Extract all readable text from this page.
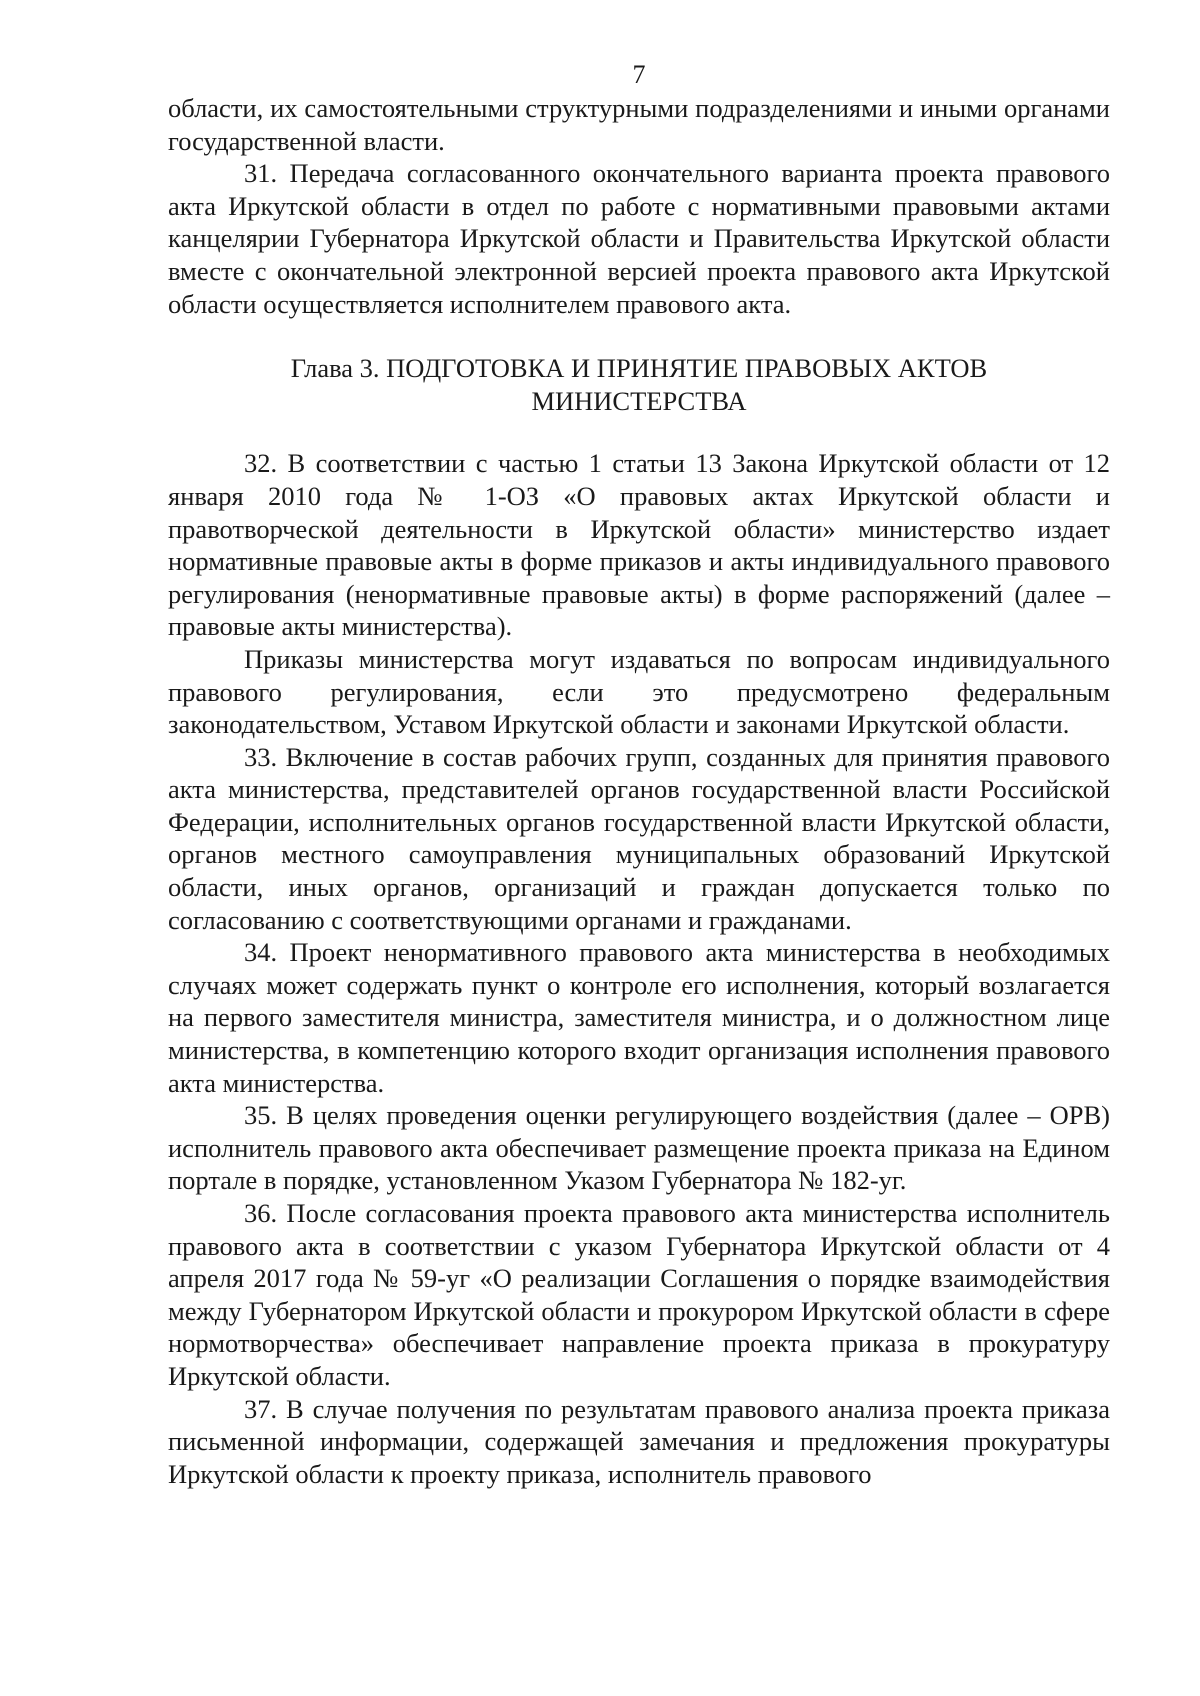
7

области, их самостоятельными структурными подразделениями и иными органами государственной власти.

31. Передача согласованного окончательного варианта проекта правового акта Иркутской области в отдел по работе с нормативными правовыми актами канцелярии Губернатора Иркутской области и Правительства Иркутской области вместе с окончательной электронной версией проекта правового акта Иркутской области осуществляется исполнителем правового акта.

Глава 3. ПОДГОТОВКА И ПРИНЯТИЕ ПРАВОВЫХ АКТОВ
МИНИСТЕРСТВА

32. В соответствии с частью 1 статьи 13 Закона Иркутской области от 12 января 2010 года № 1-ОЗ «О правовых актах Иркутской области и правотворческой деятельности в Иркутской области» министерство издает нормативные правовые акты в форме приказов и акты индивидуального правового регулирования (ненормативные правовые акты) в форме распоряжений (далее – правовые акты министерства).

Приказы министерства могут издаваться по вопросам индивидуального правового регулирования, если это предусмотрено федеральным законодательством, Уставом Иркутской области и законами Иркутской области.

33. Включение в состав рабочих групп, созданных для принятия правового акта министерства, представителей органов государственной власти Российской Федерации, исполнительных органов государственной власти Иркутской области, органов местного самоуправления муниципальных образований Иркутской области, иных органов, организаций и граждан допускается только по согласованию с соответствующими органами и гражданами.

34. Проект ненормативного правового акта министерства в необходимых случаях может содержать пункт о контроле его исполнения, который возлагается на первого заместителя министра, заместителя министра, и о должностном лице министерства, в компетенцию которого входит организация исполнения правового акта министерства.

35. В целях проведения оценки регулирующего воздействия (далее – ОРВ) исполнитель правового акта обеспечивает размещение проекта приказа на Едином портале в порядке, установленном Указом Губернатора № 182-уг.

36. После согласования проекта правового акта министерства исполнитель правового акта в соответствии с указом Губернатора Иркутской области от 4 апреля 2017 года № 59-уг «О реализации Соглашения о порядке взаимодействия между Губернатором Иркутской области и прокурором Иркутской области в сфере нормотворчества» обеспечивает направление проекта приказа в прокуратуру Иркутской области.

37. В случае получения по результатам правового анализа проекта приказа письменной информации, содержащей замечания и предложения прокуратуры Иркутской области к проекту приказа, исполнитель правового
